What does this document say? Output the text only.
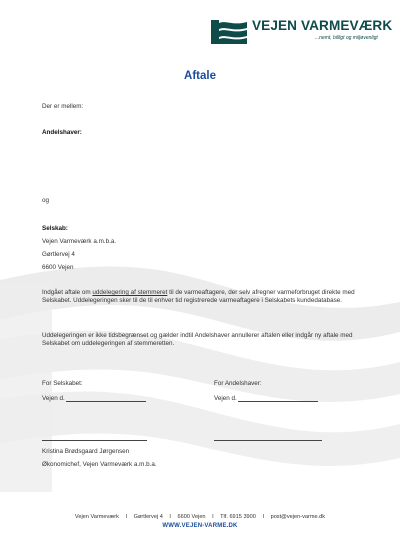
VEJEN VARMEVÆRK
...nemt, billigt og miljøvenligt
Aftale
Der er mellem:
Andelshaver:
og
Selskab:
Vejen Varmeværk a.m.b.a.
Gørtlervej 4
6600 Vejen
Indgået aftale om uddelegering af stemmeret til de varmeaftagere, der selv afregner varmeforbruget direkte med Selskabet. Uddelegeringen sker til de til enhver tid registrerede varmeaftagere i Selskabets kundedatabase.
Uddelegeringen er ikke tidsbegrænset og gælder indtil Andelshaver annullerer aftalen eller indgår ny aftale med Selskabet om uddelegeringen af stemmeretten.
For Selskabet:	For Andelshaver:
Vejen d.	Vejen d.
Kristina Brødsgaard Jørgensen
Økonomichef, Vejen Varmeværk a.m.b.a.
Vejen Varmeværk I Gørtlervej 4 I 6600 Vejen I Tlf. 6915 3900 I post@vejen-varme.dk
WWW.VEJEN-VARME.DK
